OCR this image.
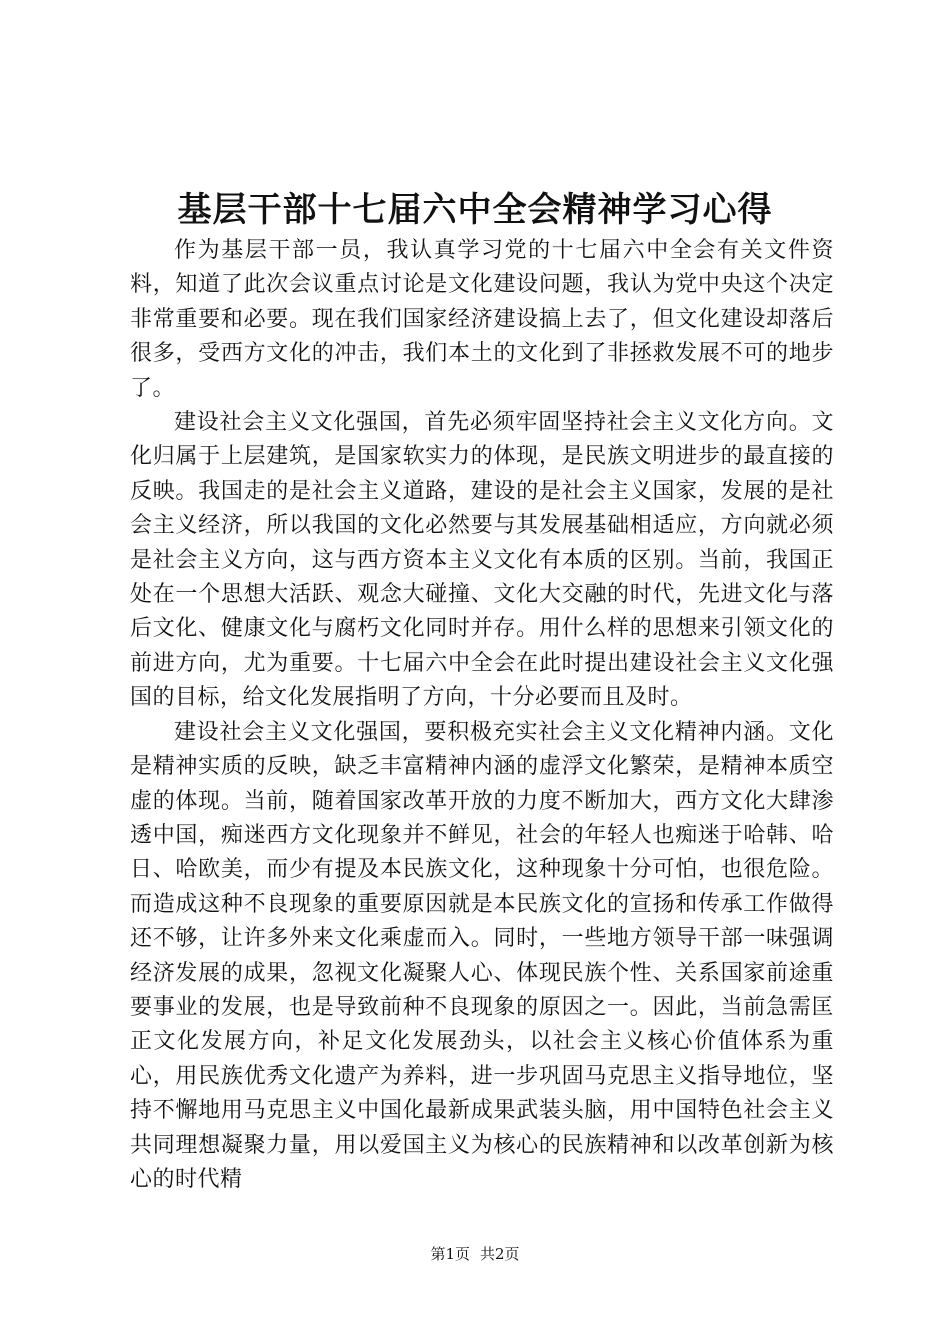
基层干部十七届六中全会精神学习心得

作为基层干部一员，我认真学习党的十七届六中全会有关文件资料，知道了此次会议重点讨论是文化建设问题，我认为党中央这个决定非常重要和必要。现在我们国家经济建设搞上去了，但文化建设却落后很多，受西方文化的冲击，我们本土的文化到了非拯救发展不可的地步了。

建设社会主义文化强国，首先必须牢固坚持社会主义文化方向。文化归属于上层建筑，是国家软实力的体现，是民族文明进步的最直接的反映。我国走的是社会主义道路，建设的是社会主义国家，发展的是社会主义经济，所以我国的文化必然要与其发展基础相适应，方向就必须是社会主义方向，这与西方资本主义文化有本质的区别。当前，我国正处在一个思想大活跃、观念大碰撞、文化大交融的时代，先进文化与落后文化、健康文化与腐朽文化同时并存。用什么样的思想来引领文化的前进方向，尤为重要。十七届六中全会在此时提出建设社会主义文化强国的目标，给文化发展指明了方向，十分必要而且及时。

建设社会主义文化强国，要积极充实社会主义文化精神内涵。文化是精神实质的反映，缺乏丰富精神内涵的虚浮文化繁荣，是精神本质空虚的体现。当前，随着国家改革开放的力度不断加大，西方文化大肆渗透中国，痴迷西方文化现象并不鲜见，社会的年轻人也痴迷于哈韩、哈日、哈欧美，而少有提及本民族文化，这种现象十分可怕，也很危险。而造成这种不良现象的重要原因就是本民族文化的宣扬和传承工作做得还不够，让许多外来文化乘虚而入。同时，一些地方领导干部一味强调经济发展的成果，忽视文化凝聚人心、体现民族个性、关系国家前途重要事业的发展，也是导致前种不良现象的原因之一。因此，当前急需匡正文化发展方向，补足文化发展劲头，以社会主义核心价值体系为重心，用民族优秀文化遗产为养料，进一步巩固马克思主义指导地位，坚持不懈地用马克思主义中国化最新成果武装头脑，用中国特色社会主义共同理想凝聚力量，用以爱国主义为核心的民族精神和以改革创新为核心的时代精

第1页 共2页
